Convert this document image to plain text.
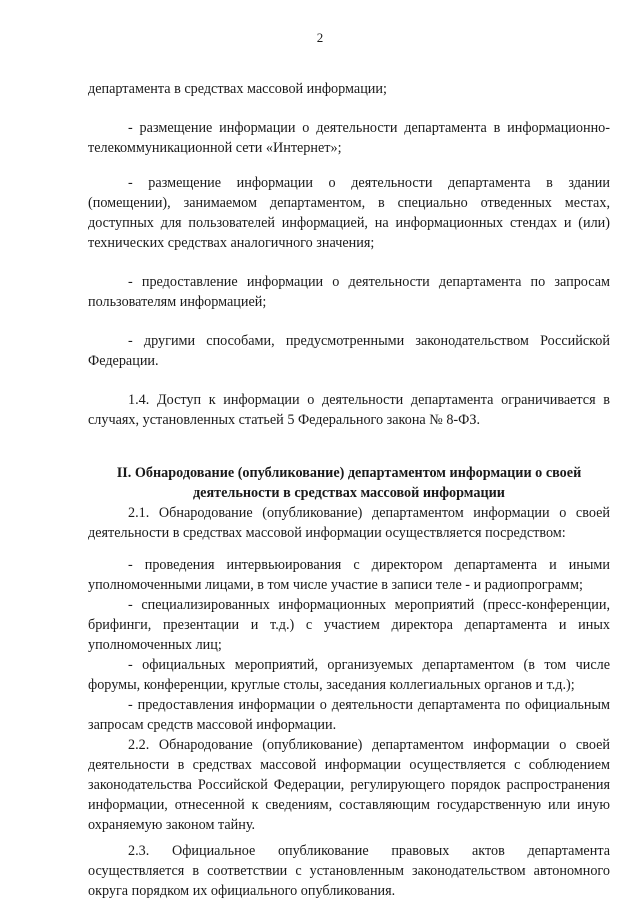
2

департамента в средствах массовой информации;

- размещение информации о деятельности департамента в информационно-телекоммуникационной сети «Интернет»;

- размещение информации о деятельности департамента в здании (помещении), занимаемом департаментом, в специально отведенных местах, доступных для пользователей информацией, на информационных стендах и (или) технических средствах аналогичного значения;

- предоставление информации о деятельности департамента по запросам пользователям информацией;

- другими способами, предусмотренными законодательством Российской Федерации.

1.4. Доступ к информации о деятельности департамента ограничивается в случаях, установленных статьей 5 Федерального закона № 8-ФЗ.

II. Обнародование (опубликование) департаментом информации о своей

деятельности в средствах массовой информации

2.1. Обнародование (опубликование) департаментом информации о своей деятельности в средствах массовой информации осуществляется посредством:

- проведения интервьюирования с директором департамента и иными уполномоченными лицами, в том числе участие в записи теле - и радиопрограмм;

- специализированных информационных мероприятий (пресс-конференции, брифинги, презентации и т.д.) с участием директора департамента и иных уполномоченных лиц;

- официальных мероприятий, организуемых департаментом (в том числе форумы, конференции, круглые столы, заседания коллегиальных органов и т.д.);

- предоставления информации о деятельности департамента по официальным запросам средств массовой информации.

2.2. Обнародование (опубликование) департаментом информации о своей деятельности в средствах массовой информации осуществляется с соблюдением законодательства Российской Федерации, регулирующего порядок распространения информации, отнесенной к сведениям, составляющим государственную или иную охраняемую законом тайну.

2.3. Официальное опубликование правовых актов департамента осуществляется в соответствии с установленным законодательством автономного округа порядком их официального опубликования.
